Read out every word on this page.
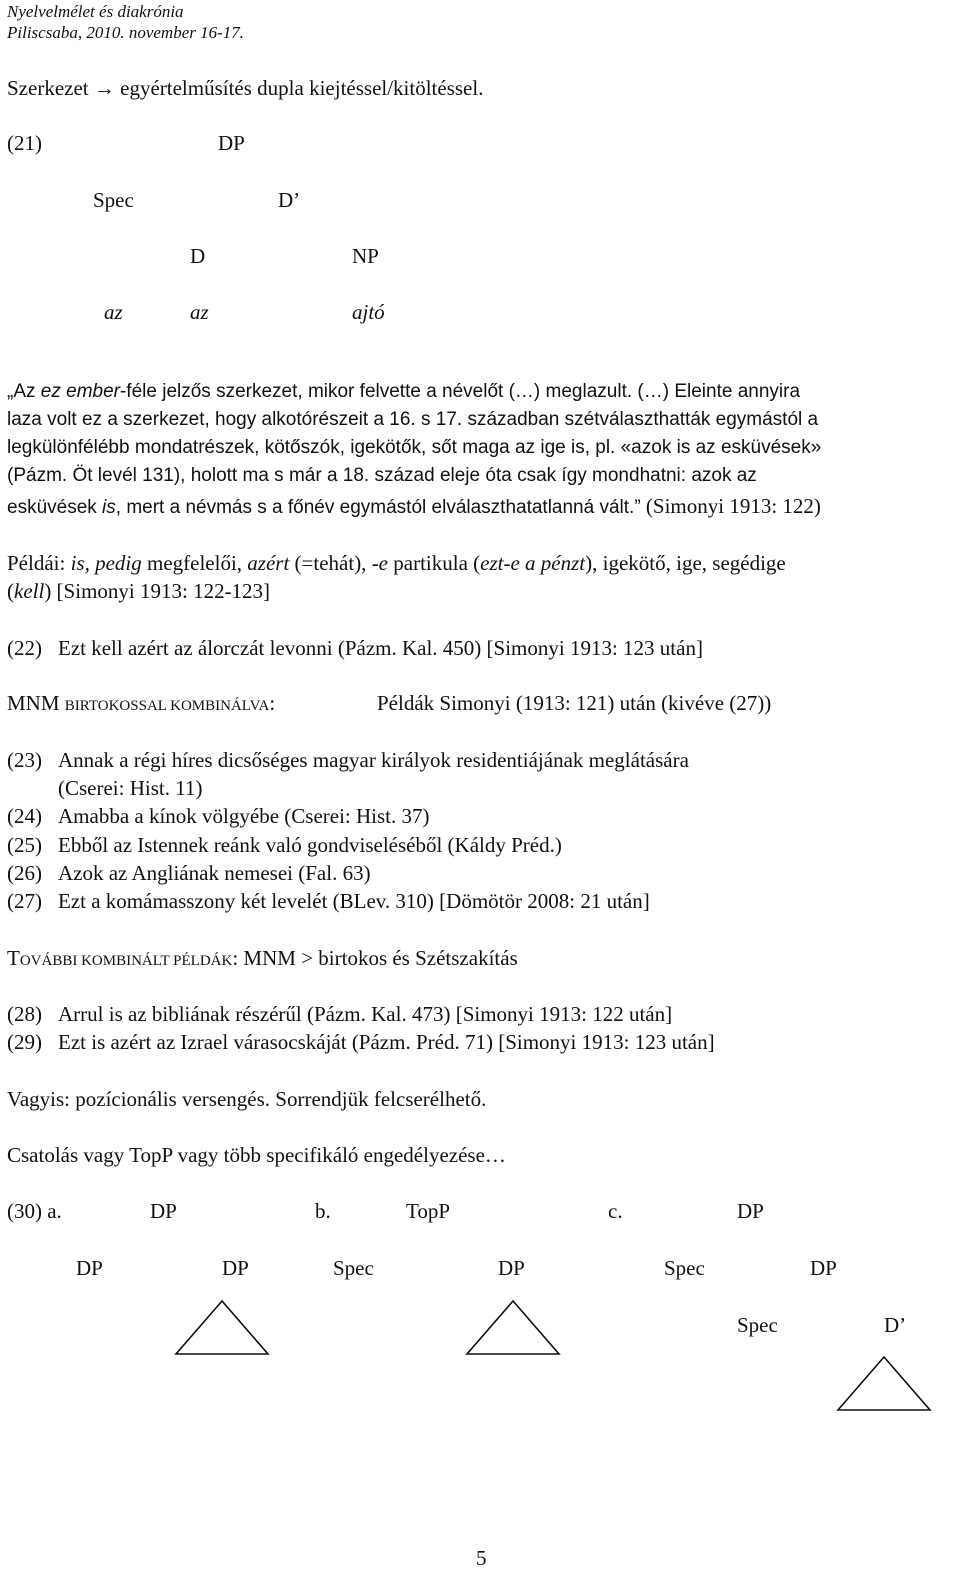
Nyelvelmélet és diakrónia
Piliscsaba, 2010. november 16-17.
Szerkezet → egyértelműsítés dupla kiejtéssel/kitöltéssel.
(21)	DP
Spec	D’
D	NP
az	az	ajtó
„Az ez ember-féle jelzős szerkezet, mikor felvette a névelőt (…) meglazult. (…) Eleinte annyira
laza volt ez a szerkezet, hogy alkotórészeit a 16. s 17. században szétválaszthatták egymástól a
legkülönfélébb mondatrészek, kötőszók, igekötők, sőt maga az ige is, pl. «azok is az esküvések»
(Pázm. Öt levél 131), holott ma s már a 18. század eleje óta csak így mondhatni: azok az
esküvések is, mert a névmás s a főnév egymástól elválaszthatatlanná vált.” (Simonyi 1913: 122)
Példái: is, pedig megfelelői, azért (=tehát), -e partikula (ezt-e a pénzt), igekötő, ige, segédige
(kell) [Simonyi 1913: 122-123]
(22) Ezt kell azért az álorczát levonni (Pázm. Kal. 450) [Simonyi 1913: 123 után]
MNM BIRTOKOSSAL KOMBINÁLVA:	Példák Simonyi (1913: 121) után (kivéve (27))
(23) Annak a régi híres dicsőséges magyar királyok residentiájának meglátására
(Cserei: Hist. 11)
(24) Amabba a kínok völgyébe (Cserei: Hist. 37)
(25) Ebből az Istennek reánk való gondviseléséből (Káldy Préd.)
(26) Azok az Angliának nemesei (Fal. 63)
(27) Ezt a komámasszony két levelét (BLev. 310) [Dömötör 2008: 21 után]
TOVÁBBI KOMBINÁLT PÉLDÁK: MNM > birtokos és Szétszakítás
(28) Arrul is az bibliának részérűl (Pázm. Kal. 473) [Simonyi 1913: 122 után]
(29) Ezt is azért az Izrael várasocskáját (Pázm. Préd. 71) [Simonyi 1913: 123 után]
Vagyis: pozícionális versengés. Sorrendjük felcserélhető.
Csatolás vagy TopP vagy több specifikáló engedélyezése…
(30) a.	DP	b.	TopP	c.	DP
DP	DP	Spec	DP	Spec	DP
Spec	D’
5
